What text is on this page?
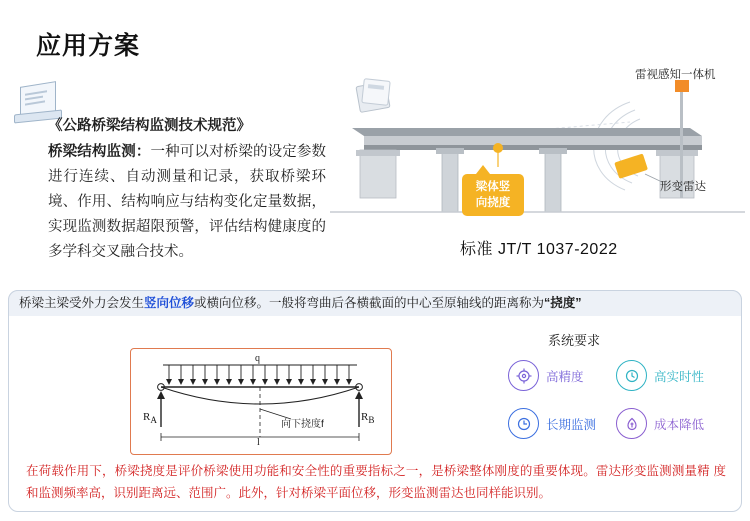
应用方案
《公路桥梁结构监测技术规范》
桥梁结构监测：一种可以对桥梁的设定参数进行连续、自动测量和记录，获取桥梁环境、作用、结构响应与结构变化定量数据，实现监测数据超限预警，评估结构健康度的多学科交叉融合技术。
雷视感知一体机
形变雷达
梁体竖
向挠度
标准 JT/T 1037-2022
桥梁主梁受外力会发生竖向位移或横向位移。一般将弯曲后各横截面的中心至原轴线的距离称为“挠度”
q
$R_A$	$R_B$
向下挠度f
l
系统要求
高精度	高实时性
长期监测	成本降低
在荷载作用下，桥梁挠度是评价桥梁使用功能和安全性的重要指标之一，是桥梁整体刚度的重要体现。雷达形变监测测量精 度和监测频率高，识别距离远、范围广。此外，针对桥梁平面位移，形变监测雷达也同样能识别。
